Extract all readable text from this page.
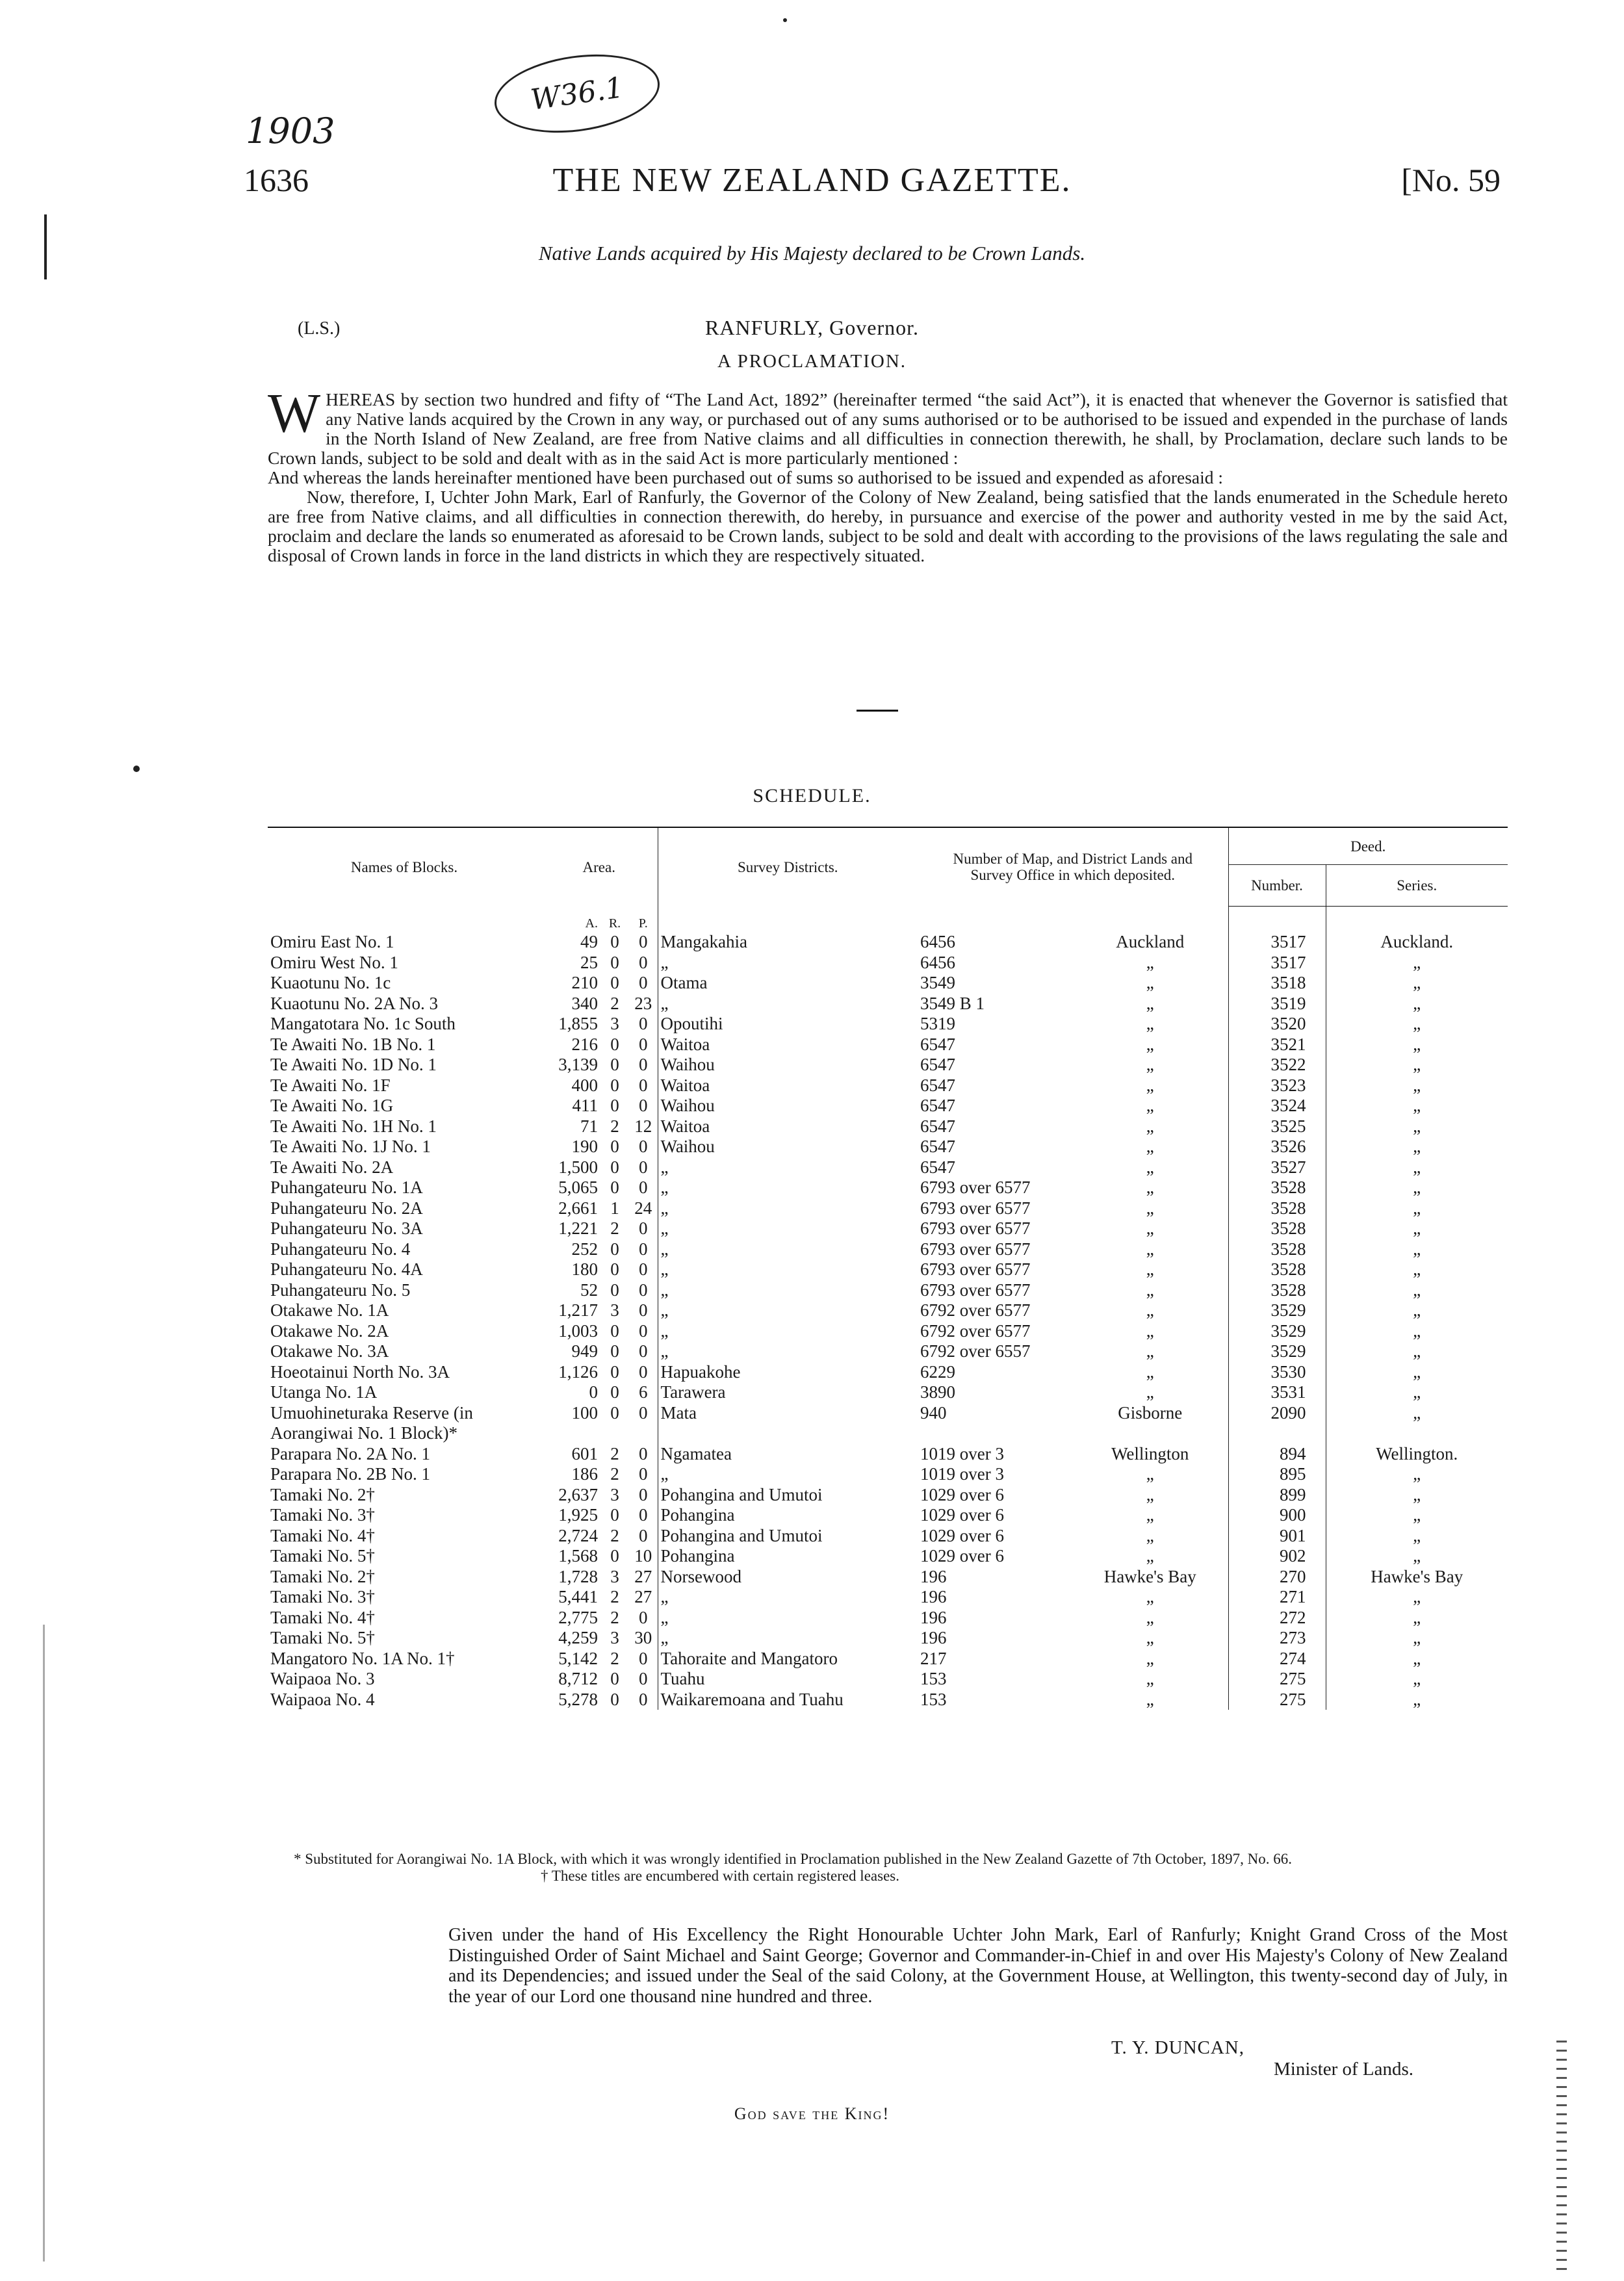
1903
W36.1
1636	THE NEW ZEALAND GAZETTE.	[No. 59
Native Lands acquired by His Majesty declared to be Crown Lands.
(L.S.)	RANFURLY, Governor.
A PROCLAMATION.

WHEREAS by section two hundred and fifty of “The Land Act, 1892” (hereinafter termed “the said Act”), it is enacted that whenever the Governor is satisfied that any Native lands acquired by the Crown in any way, or purchased out of any sums authorised or to be authorised to be issued and expended in the purchase of lands in the North Island of New Zealand, are free from Native claims and all difficulties in connection therewith, he shall, by Proclamation, declare such lands to be Crown lands, subject to be sold and dealt with as in the said Act is more particularly mentioned :

And whereas the lands hereinafter mentioned have been purchased out of sums so authorised to be issued and expended as aforesaid :

Now, therefore, I, Uchter John Mark, Earl of Ranfurly, the Governor of the Colony of New Zealand, being satisfied that the lands enumerated in the Schedule hereto are free from Native claims, and all difficulties in connection therewith, do hereby, in pursuance and exercise of the power and authority vested in me by the said Act, proclaim and declare the lands so enumerated as aforesaid to be Crown lands, subject to be sold and dealt with according to the provisions of the laws regulating the sale and disposal of Crown lands in force in the land districts in which they are respectively situated.

SCHEDULE.
Names of Blocks.	Area.			Survey Districts.	Number of Map, and District Lands and Survey Office in which deposited.		Deed.	
							Number.	Series.
	A.	R.	P.					
Omiru East No. 1	49	0	0	Mangakahia	6456	Auckland	3517	Auckland.
Omiru West No. 1	25	0	0	„	6456	„	3517	„
Kuaotunu No. 1c	210	0	0	Otama	3549	„	3518	„
Kuaotunu No. 2A No. 3	340	2	23	„	3549 B 1	„	3519	„
Mangatotara No. 1c South	1,855	3	0	Opoutihi	5319	„	3520	„
Te Awaiti No. 1B No. 1	216	0	0	Waitoa	6547	„	3521	„
Te Awaiti No. 1D No. 1	3,139	0	0	Waihou	6547	„	3522	„
Te Awaiti No. 1F	400	0	0	Waitoa	6547	„	3523	„
Te Awaiti No. 1G	411	0	0	Waihou	6547	„	3524	„
Te Awaiti No. 1H No. 1	71	2	12	Waitoa	6547	„	3525	„
Te Awaiti No. 1J No. 1	190	0	0	Waihou	6547	„	3526	„
Te Awaiti No. 2A	1,500	0	0	„	6547	„	3527	„
Puhangateuru No. 1A	5,065	0	0	„	6793 over 6577	„	3528	„
Puhangateuru No. 2A	2,661	1	24	„	6793 over 6577	„	3528	„
Puhangateuru No. 3A	1,221	2	0	„	6793 over 6577	„	3528	„
Puhangateuru No. 4	252	0	0	„	6793 over 6577	„	3528	„
Puhangateuru No. 4A	180	0	0	„	6793 over 6577	„	3528	„
Puhangateuru No. 5	52	0	0	„	6793 over 6577	„	3528	„
Otakawe No. 1A	1,217	3	0	„	6792 over 6577	„	3529	„
Otakawe No. 2A	1,003	0	0	„	6792 over 6577	„	3529	„
Otakawe No. 3A	949	0	0	„	6792 over 6557	„	3529	„
Hoeotainui North No. 3A	1,126	0	0	Hapuakohe	6229	„	3530	„
Utanga No. 1A	0	0	6	Tarawera	3890	„	3531	„
Umuohineturaka Reserve (in Aorangiwai No. 1 Block)*	100	0	0	Mata	940	Gisborne	2090	„
Parapara No. 2A No. 1	601	2	0	Ngamatea	1019 over 3	Wellington	894	Wellington.
Parapara No. 2B No. 1	186	2	0	„	1019 over 3	„	895	„
Tamaki No. 2†	2,637	3	0	Pohangina and Umutoi	1029 over 6	„	899	„
Tamaki No. 3†	1,925	0	0	Pohangina	1029 over 6	„	900	„
Tamaki No. 4†	2,724	2	0	Pohangina and Umutoi	1029 over 6	„	901	„
Tamaki No. 5†	1,568	0	10	Pohangina	1029 over 6	„	902	„
Tamaki No. 2†	1,728	3	27	Norsewood	196	Hawke's Bay	270	Hawke's Bay
Tamaki No. 3†	5,441	2	27	„	196	„	271	„
Tamaki No. 4†	2,775	2	0	„	196	„	272	„
Tamaki No. 5†	4,259	3	30	„	196	„	273	„
Mangatoro No. 1A No. 1†	5,142	2	0	Tahoraite and Mangatoro	217	„	274	„
Waipaoa No. 3	8,712	0	0	Tuahu	153	„	275	„
Waipaoa No. 4	5,278	0	0	Waikaremoana and Tuahu	153	„	275	„
* Substituted for Aorangiwai No. 1A Block, with which it was wrongly identified in Proclamation published in the New Zealand Gazette of 7th October, 1897, No. 66.
† These titles are encumbered with certain registered leases.
Given under the hand of His Excellency the Right Honourable Uchter John Mark, Earl of Ranfurly; Knight Grand Cross of the Most Distinguished Order of Saint Michael and Saint George; Governor and Commander-in-Chief in and over His Majesty's Colony of New Zealand and its Dependencies; and issued under the Seal of the said Colony, at the Government House, at Wellington, this twenty-second day of July, in the year of our Lord one thousand nine hundred and three.
T. Y. DUNCAN,
Minister of Lands.
God save the King!
